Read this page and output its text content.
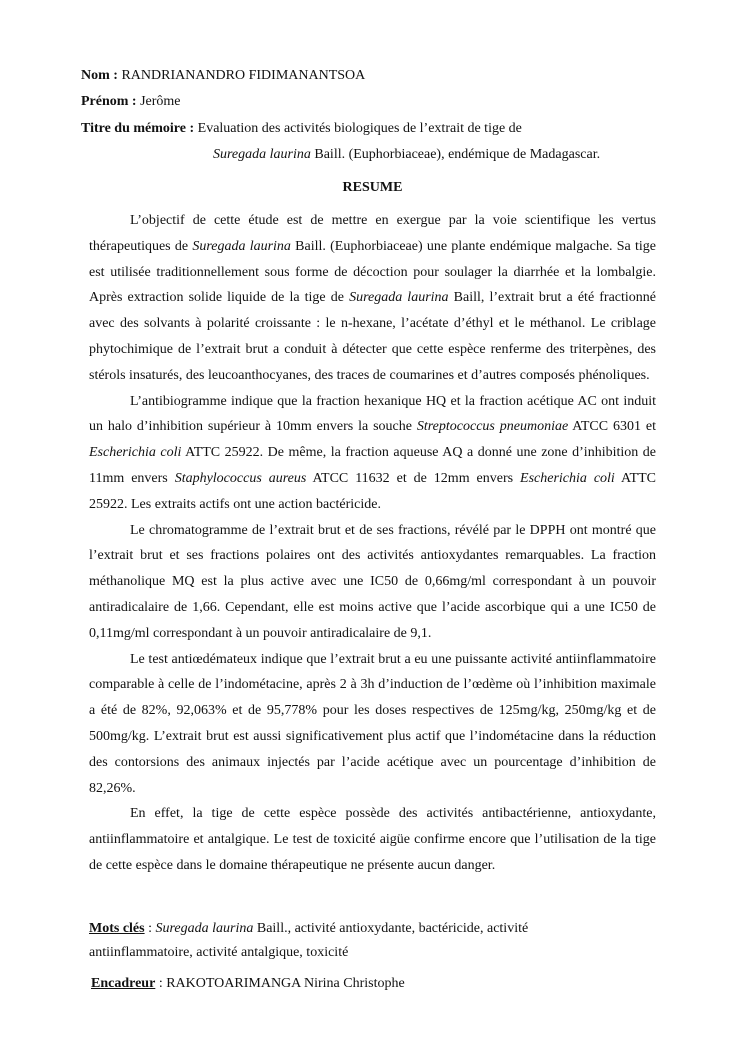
Nom : RANDRIANANDRO FIDIMANANTSOA
Prénom : Jerôme
Titre du mémoire : Evaluation des activités biologiques de l’extrait de tige de
Suregada laurina Baill. (Euphorbiaceae), endémique de Madagascar.
RESUME

L’objectif de cette étude est de mettre en exergue par la voie scientifique les vertus thérapeutiques de Suregada laurina Baill. (Euphorbiaceae) une plante endémique malgache. Sa tige est utilisée traditionnellement sous forme de décoction pour soulager la diarrhée et la lombalgie. Après extraction solide liquide de la tige de Suregada laurina Baill, l’extrait brut a été fractionné avec des solvants à polarité croissante : le n-hexane, l’acétate d’éthyl et le méthanol. Le criblage phytochimique de l’extrait brut a conduit à détecter que cette espèce renferme des triterpènes, des stérols insaturés, des leucoanthocyanes, des traces de coumarines et d’autres composés phénoliques.

L’antibiogramme indique que la fraction hexanique HQ et la fraction acétique AC ont induit un halo d’inhibition supérieur à 10mm envers la souche Streptococcus pneumoniae ATCC 6301 et Escherichia coli ATTC 25922. De même, la fraction aqueuse AQ a donné une zone d’inhibition de 11mm envers Staphylococcus aureus ATCC 11632 et de 12mm envers Escherichia coli ATTC 25922. Les extraits actifs ont une action bactéricide.

Le chromatogramme de l’extrait brut et de ses fractions, révélé par le DPPH ont montré que l’extrait brut et ses fractions polaires ont des activités antioxydantes remarquables. La fraction méthanolique MQ est la plus active avec une IC50 de 0,66mg/ml correspondant à un pouvoir antiradicalaire de 1,66. Cependant, elle est moins active que l’acide ascorbique qui a une IC50 de 0,11mg/ml correspondant à un pouvoir antiradicalaire de 9,1.

Le test antiœdémateux indique que l’extrait brut a eu une puissante activité antiinflammatoire comparable à celle de l’indométacine, après 2 à 3h d’induction de l’œdème où l’inhibition maximale a été de 82%, 92,063% et de 95,778% pour les doses respectives de 125mg/kg, 250mg/kg et de 500mg/kg. L’extrait brut est aussi significativement plus actif que l’indométacine dans la réduction des contorsions des animaux injectés par l’acide acétique avec un pourcentage d’inhibition de 82,26%.

En effet, la tige de cette espèce possède des activités antibactérienne, antioxydante, antiinflammatoire et antalgique. Le test de toxicité aigüe confirme encore que l’utilisation de la tige de cette espèce dans le domaine thérapeutique ne présente aucun danger.

Mots clés : Suregada laurina Baill., activité antioxydante, bactéricide, activité antiinflammatoire, activité antalgique, toxicité
Encadreur : RAKOTOARIMANGA Nirina Christophe
